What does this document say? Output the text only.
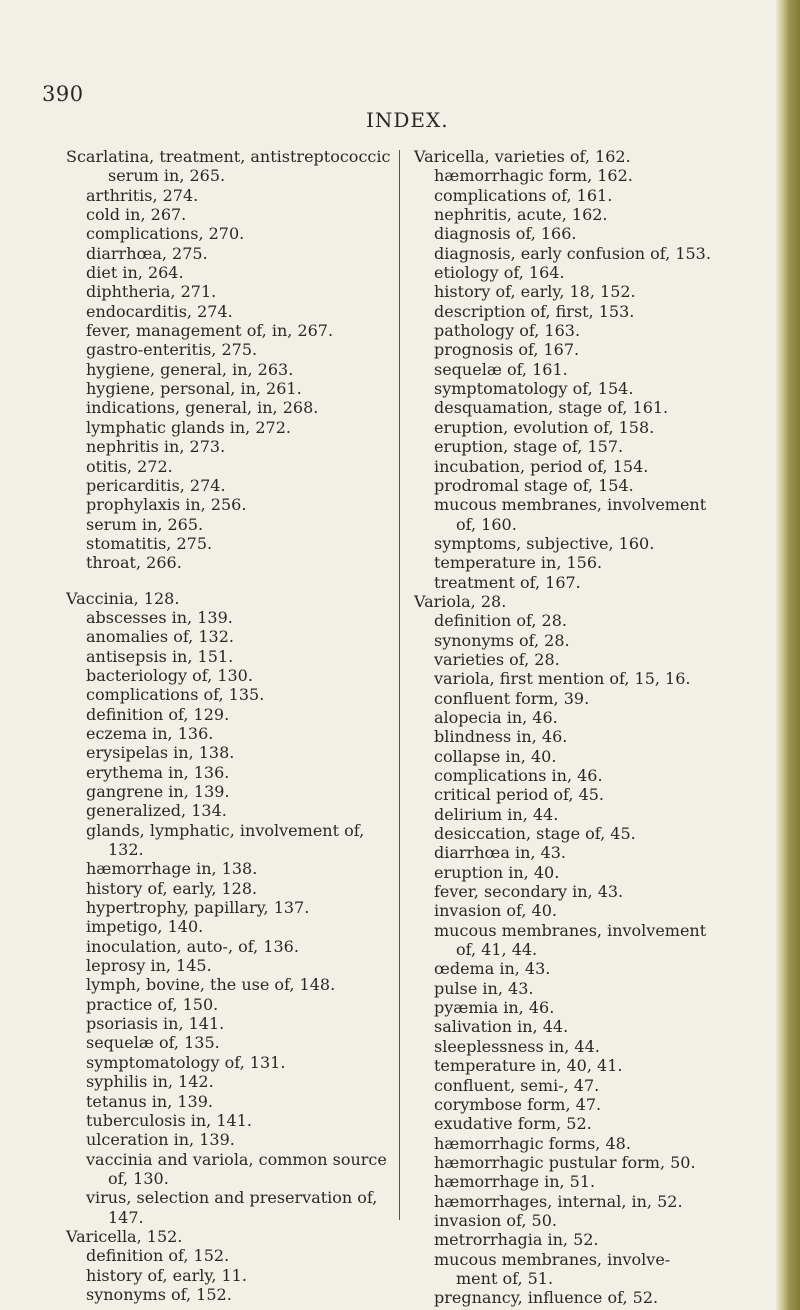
390
INDEX.
Scarlatina, treatment, antistreptococcic
serum in, 265.
arthritis, 274.
cold in, 267.
complications, 270.
diarrhœa, 275.
diet in, 264.
diphtheria, 271.
endocarditis, 274.
fever, management of, in, 267.
gastro-enteritis, 275.
hygiene, general, in, 263.
hygiene, personal, in, 261.
indications, general, in, 268.
lymphatic glands in, 272.
nephritis in, 273.
otitis, 272.
pericarditis, 274.
prophylaxis in, 256.
serum in, 265.
stomatitis, 275.
throat, 266.
Vaccinia, 128.
abscesses in, 139.
anomalies of, 132.
antisepsis in, 151.
bacteriology of, 130.
complications of, 135.
definition of, 129.
eczema in, 136.
erysipelas in, 138.
erythema in, 136.
gangrene in, 139.
generalized, 134.
glands, lymphatic, involvement of,
132.
hæmorrhage in, 138.
history of, early, 128.
hypertrophy, papillary, 137.
impetigo, 140.
inoculation, auto-, of, 136.
leprosy in, 145.
lymph, bovine, the use of, 148.
practice of, 150.
psoriasis in, 141.
sequelæ of, 135.
symptomatology of, 131.
syphilis in, 142.
tetanus in, 139.
tuberculosis in, 141.
ulceration in, 139.
vaccinia and variola, common source
of, 130.
virus, selection and preservation of,
147.
Varicella, 152.
definition of, 152.
history of, early, 11.
synonyms of, 152.
Varicella, varieties of, 162.
hæmorrhagic form, 162.
complications of, 161.
nephritis, acute, 162.
diagnosis of, 166.
diagnosis, early confusion of, 153.
etiology of, 164.
history of, early, 18, 152.
description of, first, 153.
pathology of, 163.
prognosis of, 167.
sequelæ of, 161.
symptomatology of, 154.
desquamation, stage of, 161.
eruption, evolution of, 158.
eruption, stage of, 157.
incubation, period of, 154.
prodromal stage of, 154.
mucous membranes, involvement
of, 160.
symptoms, subjective, 160.
temperature in, 156.
treatment of, 167.
Variola, 28.
definition of, 28.
synonyms of, 28.
varieties of, 28.
variola, first mention of, 15, 16.
confluent form, 39.
alopecia in, 46.
blindness in, 46.
collapse in, 40.
complications in, 46.
critical period of, 45.
delirium in, 44.
desiccation, stage of, 45.
diarrhœa in, 43.
eruption in, 40.
fever, secondary in, 43.
invasion of, 40.
mucous membranes, involvement
of, 41, 44.
œdema in, 43.
pulse in, 43.
pyæmia in, 46.
salivation in, 44.
sleeplessness in, 44.
temperature in, 40, 41.
confluent, semi-, 47.
corymbose form, 47.
exudative form, 52.
hæmorrhagic forms, 48.
hæmorrhagic pustular form, 50.
hæmorrhage in, 51.
hæmorrhages, internal, in, 52.
invasion of, 50.
metrorrhagia in, 52.
mucous membranes, involve-
ment of, 51.
pregnancy, influence of, 52.
